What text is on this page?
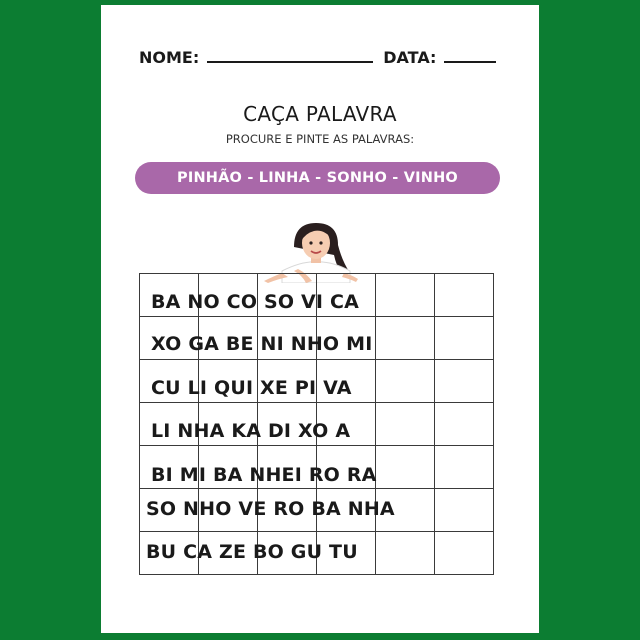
NOME:	DATA:
CAÇA PALAVRA
PROCURE E PINTE AS PALAVRAS:
PINHÃO - LINHA - SONHO - VINHO

BA NO CO SO VI CA
XO GA BE NI NHO MI
CU LI QUI XE PI VA
LI NHA KA DI XO A
BI MI BA NHEI RO RA
SO NHO VE RO BA NHA
BU CA ZE BO GU TU
